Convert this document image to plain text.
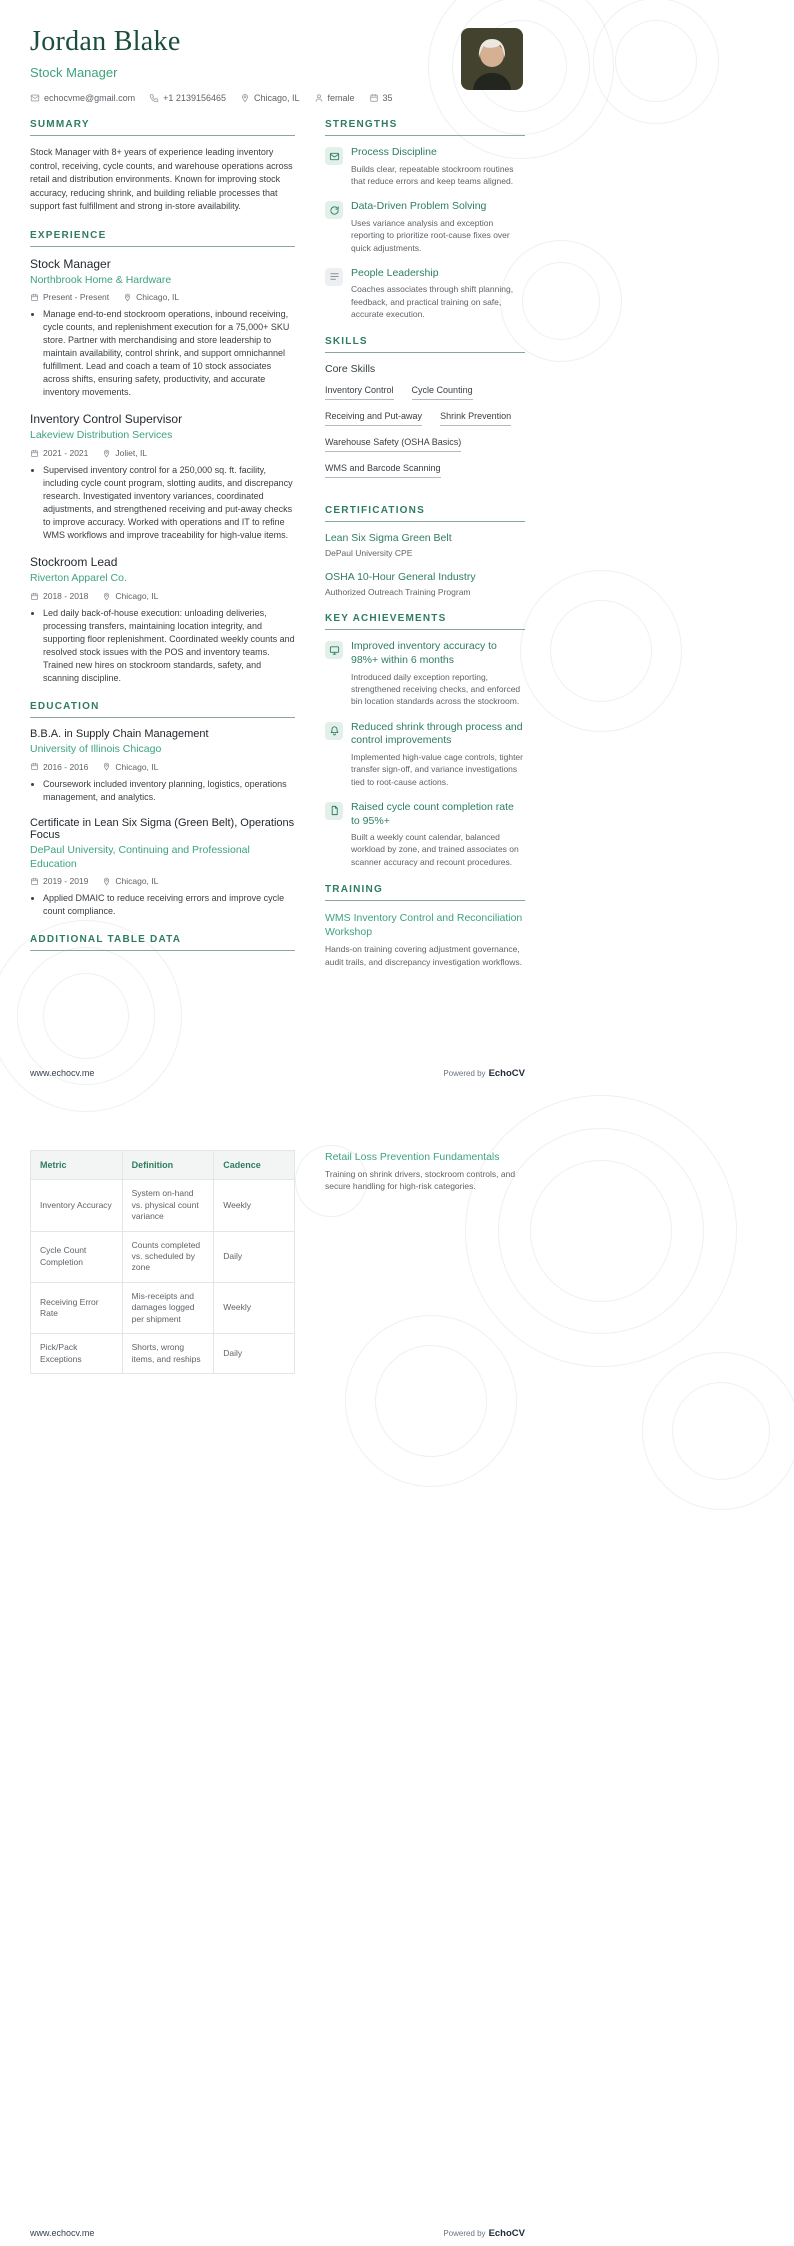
Jordan Blake
Stock Manager
echocvme@gmail.com	+1 2139156465	Chicago, IL	female	35
SUMMARY

Stock Manager with 8+ years of experience leading inventory control, receiving, cycle counts, and warehouse operations across retail and distribution environments. Known for improving stock accuracy, reducing shrink, and building reliable processes that support fast fulfillment and strong in-store availability.

EXPERIENCE
Stock Manager
Northbrook Home & Hardware
Present - Present	Chicago, IL
• Manage end-to-end stockroom operations, inbound receiving, cycle counts, and replenishment execution for a 75,000+ SKU store. Partner with merchandising and store leadership to maintain availability, control shrink, and support omnichannel fulfillment. Lead and coach a team of 10 stock associates across shifts, ensuring safety, productivity, and accurate inventory movements.
Inventory Control Supervisor
Lakeview Distribution Services
2021 - 2021	Joliet, IL
• Supervised inventory control for a 250,000 sq. ft. facility, including cycle count program, slotting audits, and discrepancy research. Investigated inventory variances, coordinated adjustments, and strengthened receiving and put-away checks to improve accuracy. Worked with operations and IT to refine WMS workflows and improve traceability for high-value items.
Stockroom Lead
Riverton Apparel Co.
2018 - 2018	Chicago, IL
• Led daily back-of-house execution: unloading deliveries, processing transfers, maintaining location integrity, and supporting floor replenishment. Coordinated weekly counts and resolved stock issues with the POS and inventory teams. Trained new hires on stockroom standards, safety, and scanning discipline.
EDUCATION
B.B.A. in Supply Chain Management
University of Illinois Chicago
2016 - 2016	Chicago, IL
• Coursework included inventory planning, logistics, operations management, and analytics.
Certificate in Lean Six Sigma (Green Belt), Operations Focus
DePaul University, Continuing and Professional Education
2019 - 2019	Chicago, IL
• Applied DMAIC to reduce receiving errors and improve cycle count compliance.
ADDITIONAL TABLE DATA
STRENGTHS
Process Discipline
Builds clear, repeatable stockroom routines that reduce errors and keep teams aligned.
Data-Driven Problem Solving
Uses variance analysis and exception reporting to prioritize root-cause fixes over quick adjustments.
People Leadership
Coaches associates through shift planning, feedback, and practical training on safe, accurate execution.
SKILLS
Core Skills
Inventory Control Cycle Counting
Receiving and Put-away Shrink Prevention
Warehouse Safety (OSHA Basics)
WMS and Barcode Scanning
CERTIFICATIONS
Lean Six Sigma Green Belt
DePaul University CPE
OSHA 10-Hour General Industry
Authorized Outreach Training Program
KEY ACHIEVEMENTS
Improved inventory accuracy to 98%+ within 6 months
Introduced daily exception reporting, strengthened receiving checks, and enforced bin location standards across the stockroom.
Reduced shrink through process and control improvements
Implemented high-value cage controls, tighter transfer sign-off, and variance investigations tied to root-cause actions.
Raised cycle count completion rate to 95%+
Built a weekly count calendar, balanced workload by zone, and trained associates on scanner accuracy and recount procedures.
TRAINING
WMS Inventory Control and Reconciliation Workshop
Hands-on training covering adjustment governance, audit trails, and discrepancy investigation workflows.
www.echocv.me	Powered by EchoCV
Metric	Definition	Cadence
Inventory Accuracy	System on-hand vs. physical count variance	Weekly
Cycle Count Completion	Counts completed vs. scheduled by zone	Daily
Receiving Error Rate	Mis-receipts and damages logged per shipment	Weekly
Pick/Pack Exceptions	Shorts, wrong items, and reships	Daily
Retail Loss Prevention Fundamentals
Training on shrink drivers, stockroom controls, and secure handling for high-risk categories.
www.echocv.me	Powered by EchoCV
